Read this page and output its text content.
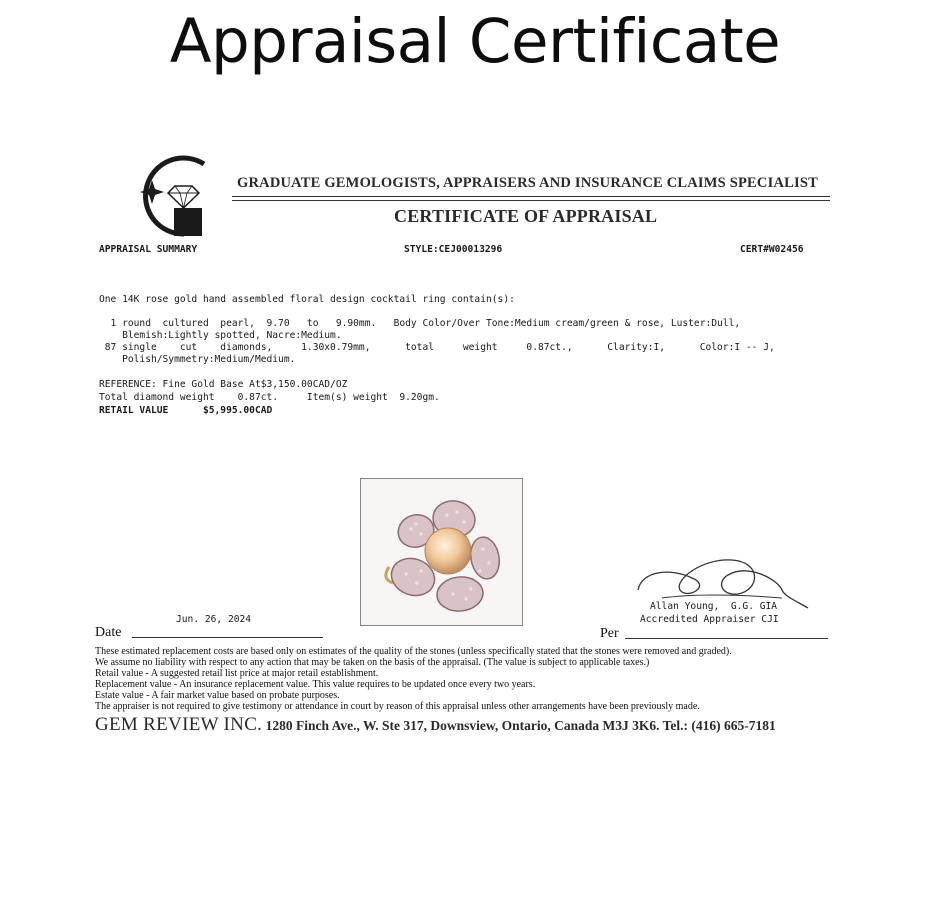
Appraisal Certificate
GRADUATE GEMOLOGISTS, APPRAISERS AND INSURANCE CLAIMS SPECIALIST
CERTIFICATE OF APPRAISAL
APPRAISAL SUMMARY	STYLE:CEJ00013296	CERT#W02456
One 14K rose gold hand assembled floral design cocktail ring contain(s):
1 round  cultured  pearl,  9.70   to   9.90mm.   Body Color/Over Tone:Medium cream/green & rose, Luster:Dull,
Blemish:Lightly spotted, Nacre:Medium.
87 single    cut    diamonds,     1.30x0.79mm,      total     weight     0.87ct.,      Clarity:I,      Color:I -- J,
Polish/Symmetry:Medium/Medium.
REFERENCE: Fine Gold Base At$3,150.00CAD/OZ
Total diamond weight    0.87ct.     Item(s) weight  9.20gm.
RETAIL VALUE      $5,995.00CAD
Allan Young,  G.G. GIA
Accredited Appraiser CJI
Jun. 26, 2024
Date	Per
These estimated replacement costs are based only on estimates of the quality of the stones (unless specifically stated that the stones were removed and graded).
We assume no liability with respect to any action that may be taken on the basis of the appraisal. (The value is subject to applicable taxes.)
Retail value - A suggested retail list price at major retail establishment.
Replacement value - An insurance replacement value. This value requires to be updated once every two years.
Estate value - A fair market value based on probate purposes.
The appraiser is not required to give testimony or attendance in court by reason of this appraisal unless other arrangements have been previously made.
GEM REVIEW INC. 1280 Finch Ave., W. Ste 317, Downsview, Ontario, Canada M3J 3K6. Tel.: (416) 665-7181
